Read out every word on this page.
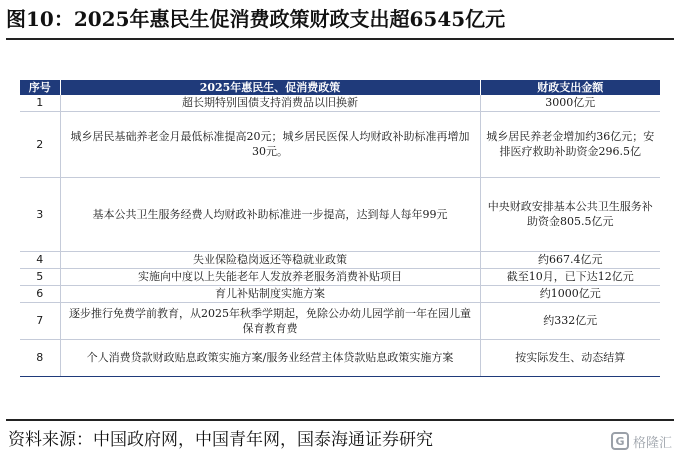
图10：2025年惠民生促消费政策财政支出超6545亿元
序号	2025年惠民生、促消费政策	财政支出金额
1	超长期特别国债支持消费品以旧换新	3000亿元
2	城乡居民基础养老金月最低标准提高20元；城乡居民医保人均财政补助标准再增加30元。	城乡居民养老金增加约36亿元；安排医疗救助补助资金296.5亿
3	基本公共卫生服务经费人均财政补助标准进一步提高，达到每人每年99元	中央财政安排基本公共卫生服务补助资金805.5亿元
4	失业保险稳岗返还等稳就业政策	约667.4亿元
5	实施向中度以上失能老年人发放养老服务消费补贴项目	截至10月，已下达12亿元
6	育儿补贴制度实施方案	约1000亿元
7	逐步推行免费学前教育，从2025年秋季学期起，免除公办幼儿园学前一年在园儿童保育教育费	约332亿元
8	个人消费贷款财政贴息政策实施方案/服务业经营主体贷款贴息政策实施方案	按实际发生、动态结算
资料来源：中国政府网，中国青年网，国泰海通证券研究	G 格隆汇
